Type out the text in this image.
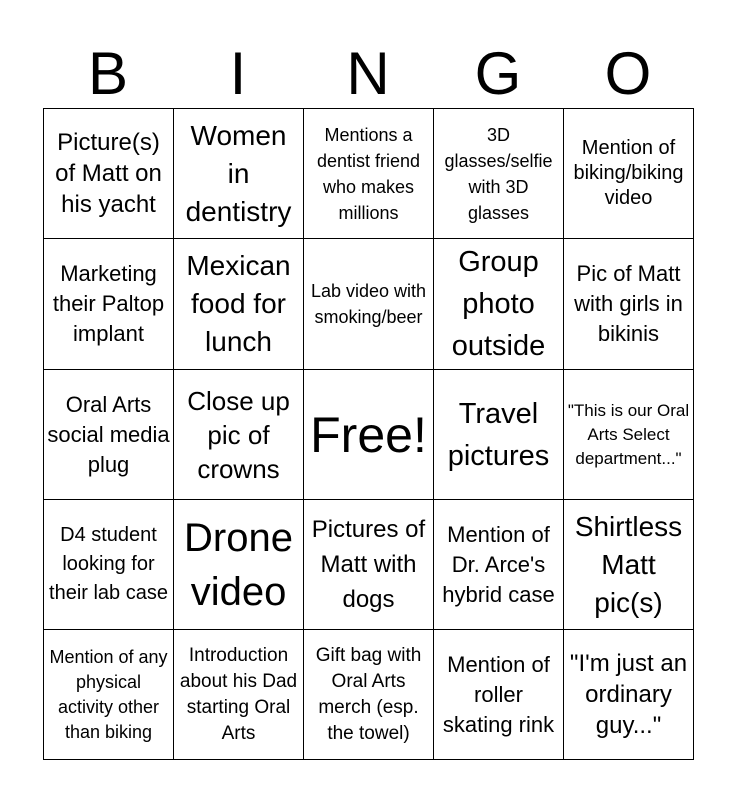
B	I	N	G	O
Picture(s) of Matt on his yacht	Women in dentistry	Mentions a dentist friend who makes millions	3D glasses/selfie with 3D glasses	Mention of biking/biking video

Marketing their Paltop implant	Mexican food for lunch	Lab video with smoking/beer	Group photo outside	Pic of Matt with girls in bikinis

Oral Arts social media plug	Close up pic of crowns	Free!	Travel pictures	"This is our Oral Arts Select department..."

D4 student looking for their lab case	Drone video	Pictures of Matt with dogs	Mention of Dr. Arce's hybrid case	Shirtless Matt pic(s)

Mention of any physical activity other than biking	Introduction about his Dad starting Oral Arts	Gift bag with Oral Arts merch (esp. the towel)	Mention of roller skating rink	"I'm just an ordinary guy..."
